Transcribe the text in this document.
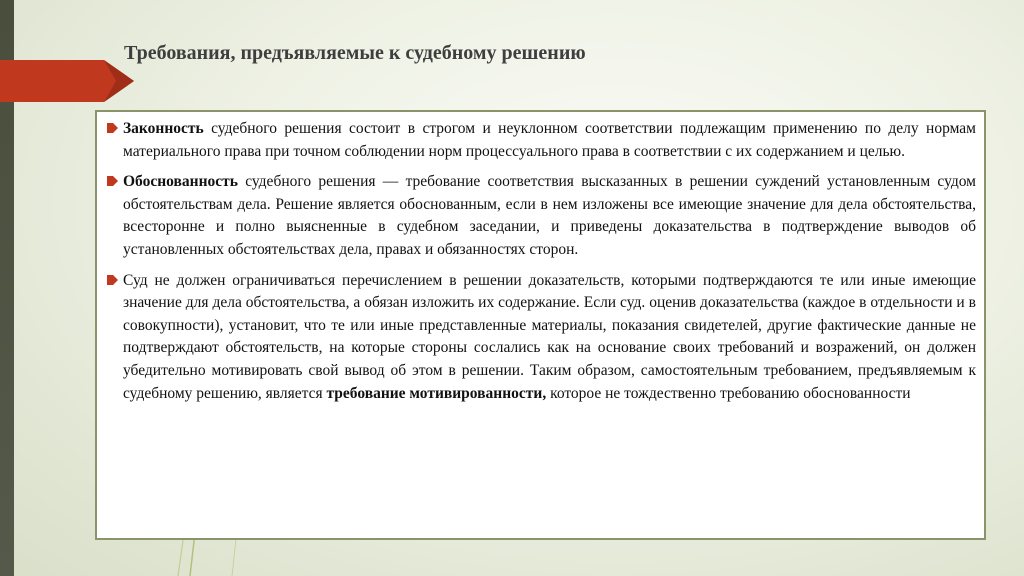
Требования, предъявляемые к судебному решению
Законность судебного решения состоит в строгом и неуклонном соответствии подлежащим применению по делу нормам материального права при точном соблюдении норм процессуального права в соответствии с их содержанием и целью.
Обоснованность судебного решения — требование соответствия высказанных в решении суждений установленным судом обстоятельствам дела. Решение является обоснованным, если в нем изложены все имеющие значение для дела обстоятельства, всесторонне и полно выясненные в судебном заседании, и приведены доказательства в подтверждение выводов об установленных обстоятельствах дела, правах и обязанностях сторон.
Суд не должен ограничиваться перечислением в решении доказательств, которыми подтверждаются те или иные имеющие значение для дела обстоятельства, а обязан изложить их содержание. Если суд. оценив доказательства (каждое в отдельности и в совокупности), установит, что те или иные представленные материалы, показания свидетелей, другие фактические данные не подтверждают обстоятельств, на которые стороны сослались как на основание своих требований и возражений, он должен убедительно мотивировать свой вывод об этом в решении. Таким образом, самостоятельным требованием, предъявляемым к судебному решению, является требование мотивированности, которое не тождественно требованию обоснованности
